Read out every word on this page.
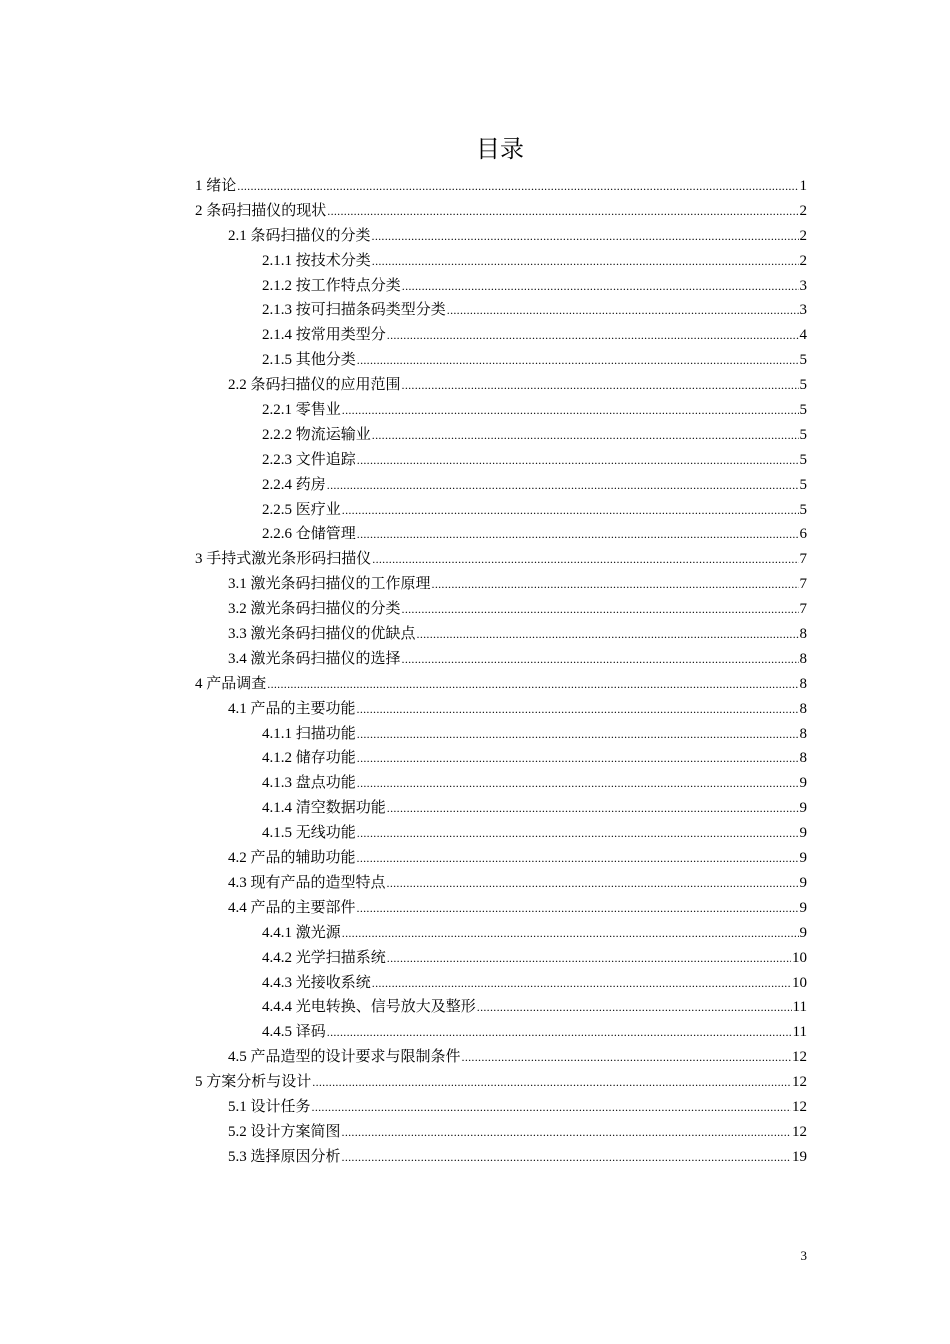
目录
1 绪论 .....	1
2 条码扫描仪的现状 .....	2
2.1 条码扫描仪的分类 .....	2
2.1.1 按技术分类 .....	2
2.1.2 按工作特点分类 .....	3
2.1.3 按可扫描条码类型分类 .....	3
2.1.4 按常用类型分 .....	4
2.1.5 其他分类 .....	5
2.2 条码扫描仪的应用范围 .....	5
2.2.1 零售业 .....	5
2.2.2 物流运输业 .....	5
2.2.3 文件追踪 .....	5
2.2.4 药房 .....	5
2.2.5 医疗业 .....	5
2.2.6 仓储管理 .....	6
3 手持式激光条形码扫描仪 .....	7
3.1 激光条码扫描仪的工作原理 .....	7
3.2 激光条码扫描仪的分类 .....	7
3.3 激光条码扫描仪的优缺点 .....	8
3.4 激光条码扫描仪的选择 .....	8
4 产品调查 .....	8
4.1 产品的主要功能 .....	8
4.1.1 扫描功能 .....	8
4.1.2 储存功能 .....	8
4.1.3 盘点功能 .....	9
4.1.4 清空数据功能 .....	9
4.1.5 无线功能 .....	9
4.2 产品的辅助功能 .....	9
4.3 现有产品的造型特点 .....	9
4.4 产品的主要部件 .....	9
4.4.1 激光源 .....	9
4.4.2 光学扫描系统 .....	10
4.4.3 光接收系统 .....	10
4.4.4 光电转换、信号放大及整形 .....	11
4.4.5 译码 .....	11
4.5 产品造型的设计要求与限制条件 .....	12
5 方案分析与设计 .....	12
5.1 设计任务 .....	12
5.2 设计方案简图 .....	12
5.3 选择原因分析 .....	19
3
